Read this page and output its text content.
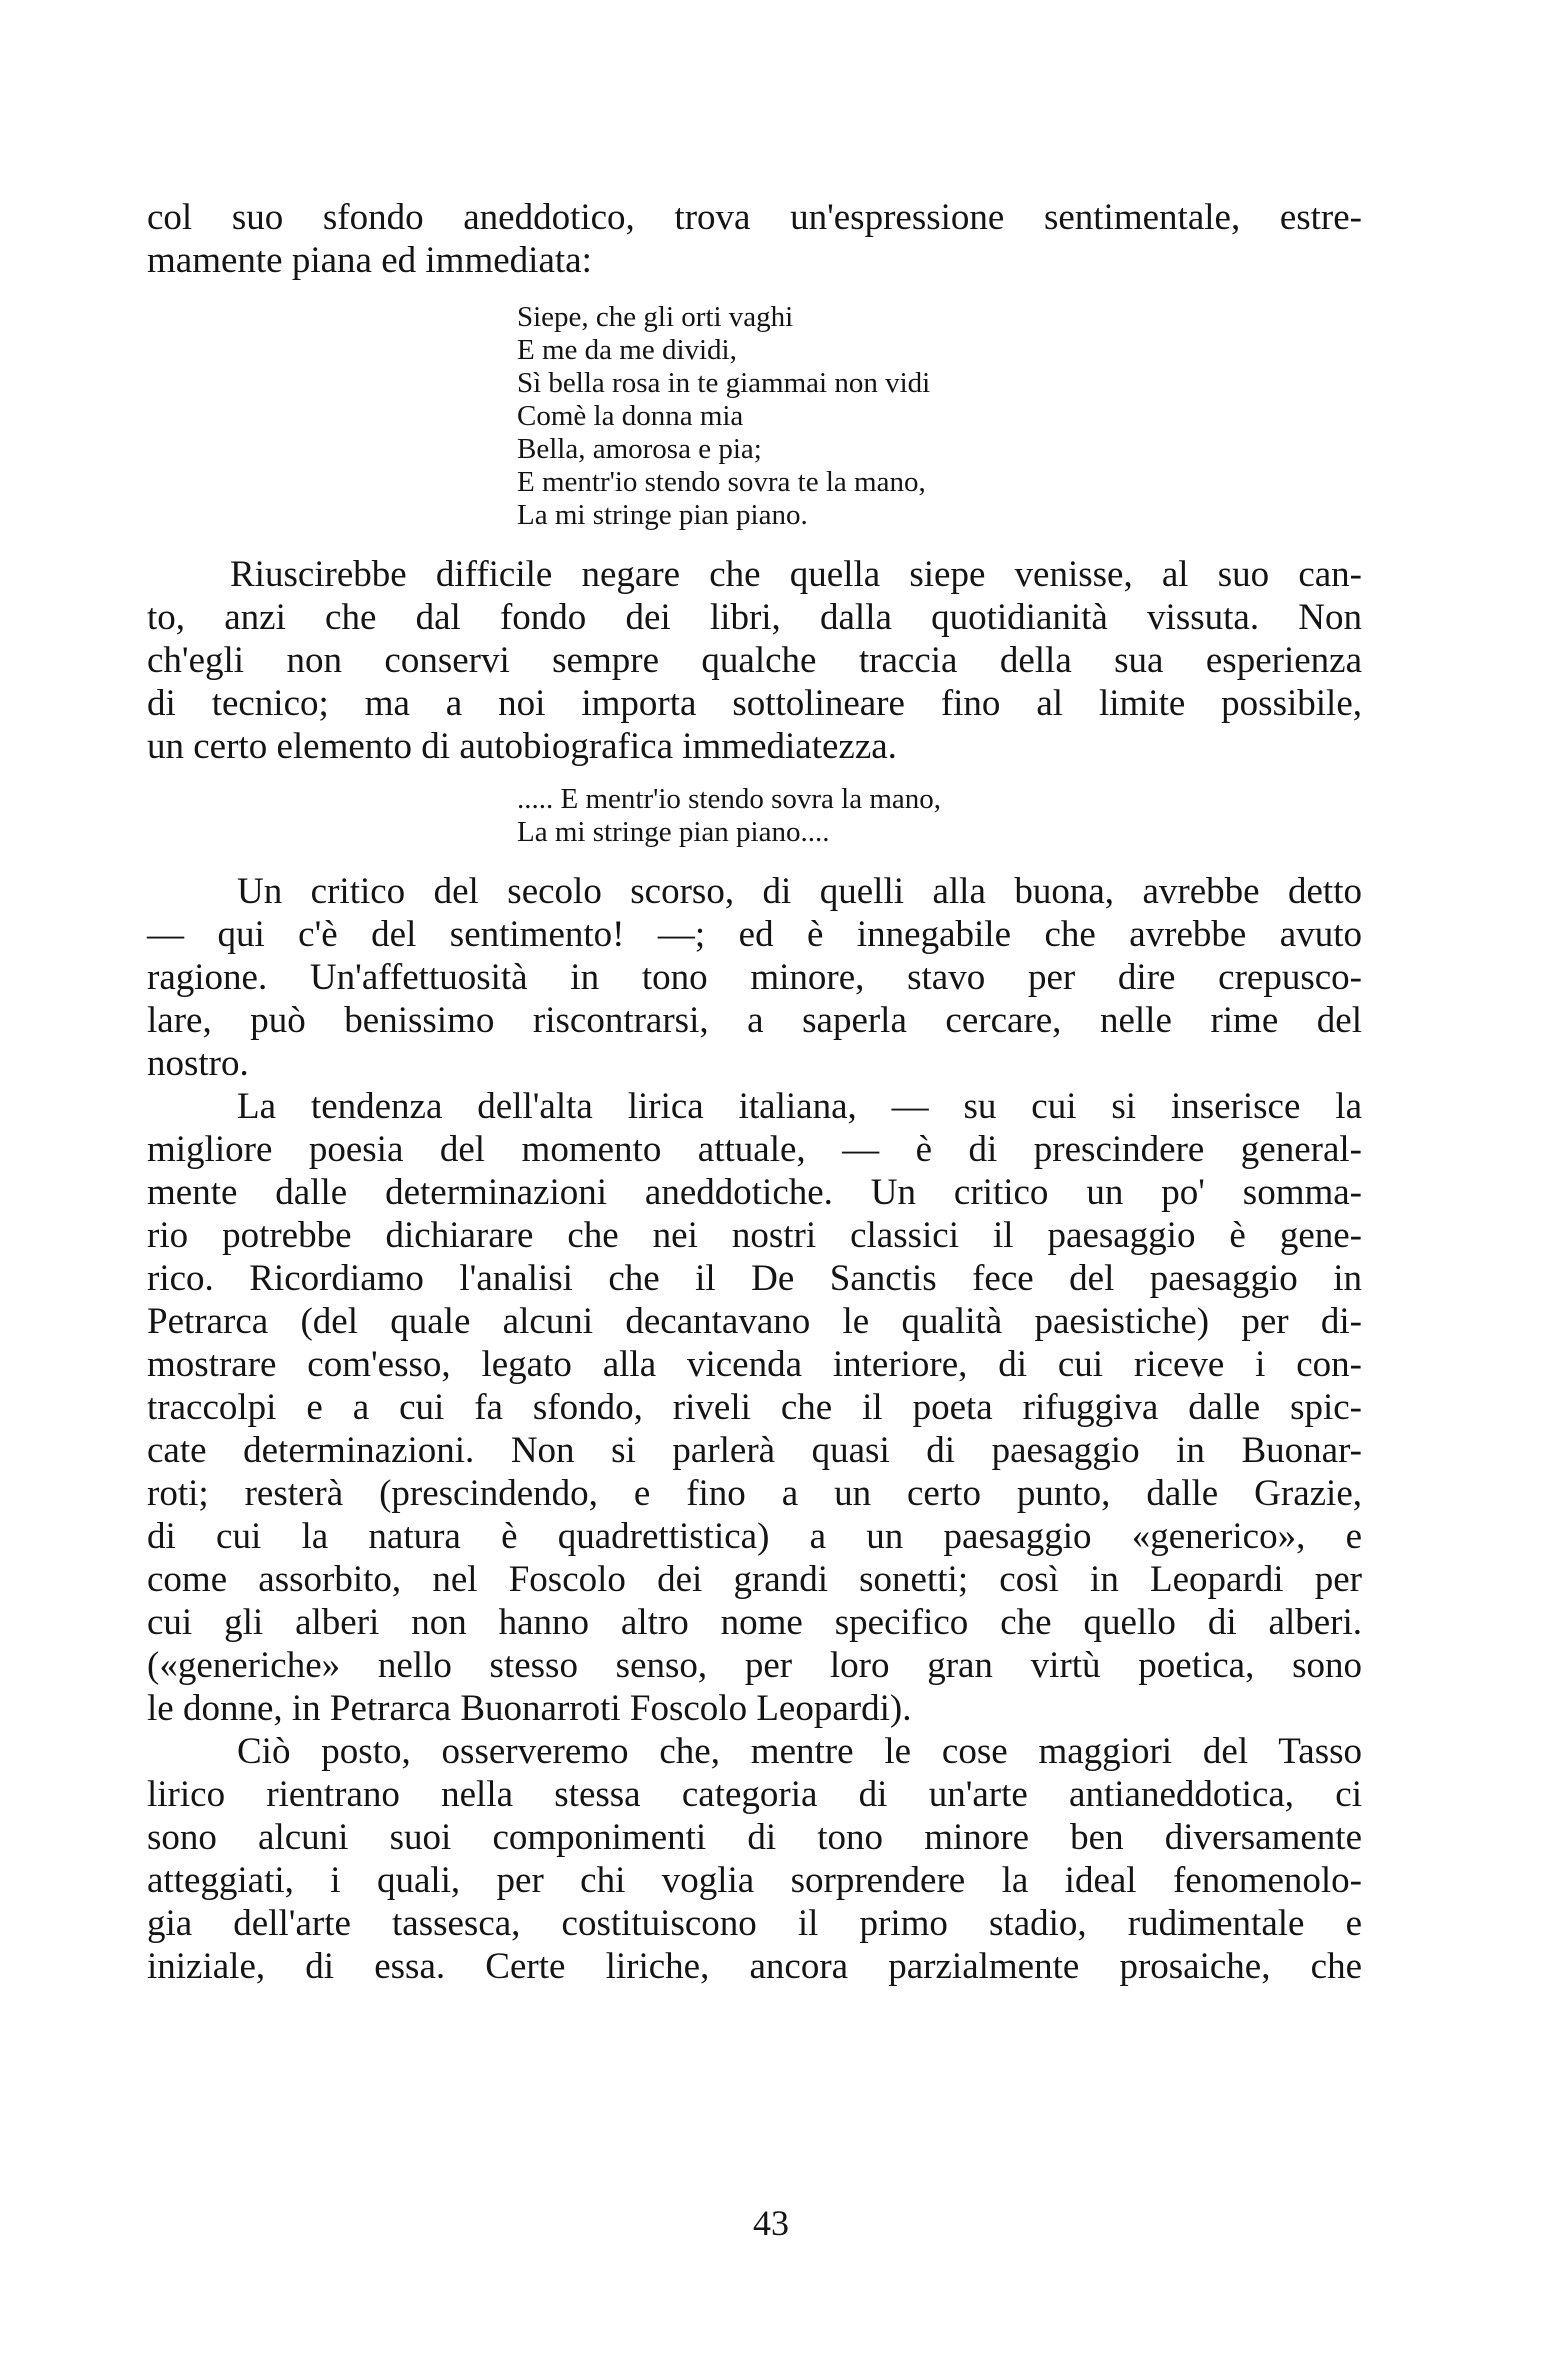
col suo sfondo aneddotico, trova un'espressione sentimentale, estre-
mamente piana ed immediata:
Siepe, che gli orti vaghi
E me da me dividi,
Sì bella rosa in te giammai non vidi
Comè la donna mia
Bella, amorosa e pia;
E mentr'io stendo sovra te la mano,
La mi stringe pian piano.
Riuscirebbe difficile negare che quella siepe venisse, al suo can-
to, anzi che dal fondo dei libri, dalla quotidianità vissuta. Non
ch'egli non conservi sempre qualche traccia della sua esperienza
di tecnico; ma a noi importa sottolineare fino al limite possibile,
un certo elemento di autobiografica immediatezza.
..... E mentr'io stendo sovra la mano,
La mi stringe pian piano....
Un critico del secolo scorso, di quelli alla buona, avrebbe detto
— qui c'è del sentimento! —; ed è innegabile che avrebbe avuto
ragione. Un'affettuosità in tono minore, stavo per dire crepusco-
lare, può benissimo riscontrarsi, a saperla cercare, nelle rime del
nostro.
La tendenza dell'alta lirica italiana, — su cui si inserisce la
migliore poesia del momento attuale, — è di prescindere general-
mente dalle determinazioni aneddotiche. Un critico un po' somma-
rio potrebbe dichiarare che nei nostri classici il paesaggio è gene-
rico. Ricordiamo l'analisi che il De Sanctis fece del paesaggio in
Petrarca (del quale alcuni decantavano le qualità paesistiche) per di-
mostrare com'esso, legato alla vicenda interiore, di cui riceve i con-
traccolpi e a cui fa sfondo, riveli che il poeta rifuggiva dalle spic-
cate determinazioni. Non si parlerà quasi di paesaggio in Buonar-
roti; resterà (prescindendo, e fino a un certo punto, dalle Grazie,
di cui la natura è quadrettistica) a un paesaggio «generico», e
come assorbito, nel Foscolo dei grandi sonetti; così in Leopardi per
cui gli alberi non hanno altro nome specifico che quello di alberi.
(«generiche» nello stesso senso, per loro gran virtù poetica, sono
le donne, in Petrarca Buonarroti Foscolo Leopardi).
Ciò posto, osserveremo che, mentre le cose maggiori del Tasso
lirico rientrano nella stessa categoria di un'arte antianeddotica, ci
sono alcuni suoi componimenti di tono minore ben diversamente
atteggiati, i quali, per chi voglia sorprendere la ideal fenomenolo-
gia dell'arte tassesca, costituiscono il primo stadio, rudimentale e
iniziale, di essa. Certe liriche, ancora parzialmente prosaiche, che
43
